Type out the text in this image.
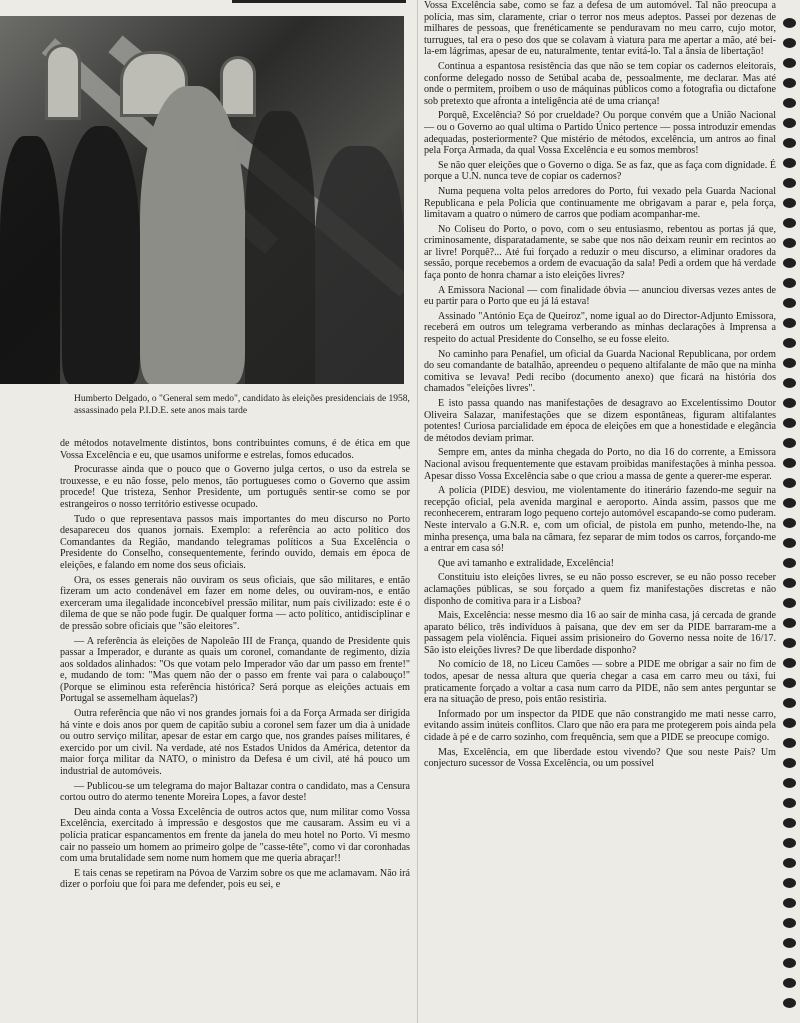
Humberto Delgado, o "General sem medo", candidato às eleições presidenciais de 1958, assassinado pela P.I.D.E. sete anos mais tarde

de métodos notavelmente distintos, bons contribuintes comuns, é de ética em que Vossa Excelência e eu, que usamos uniforme e estrelas, fomos educados.

Procurasse ainda que o pouco que o Governo julga certos, o uso da estrela se trouxesse, e eu não fosse, pelo menos, tão portugueses como o Governo que assim procede! Que tristeza, Senhor Presidente, um português sentir-se como se por estrangeiros o nosso território estivesse ocupado.

Tudo o que representava passos mais importantes do meu discurso no Porto desapareceu dos quanos jornais. Exemplo: a referência ao acto político dos Comandantes da Região, mandando telegramas políticos a Sua Excelência o Presidente do Conselho, consequentemente, ferindo ouvido, demais em época de eleições, e falando em nome dos seus oficiais.

Ora, os esses generais não ouviram os seus oficiais, que são militares, e então fizeram um acto condenável em fazer em nome deles, ou ouviram-nos, e então exerceram uma ilegalidade inconcebível pressão militar, num país civilizado: este é o dilema de que se não pode fugir. De qualquer forma — acto político, antidisciplinar e de pressão sobre oficiais que "são eleitores".

— A referência às eleições de Napoleão III de França, quando de Presidente quis passar a Imperador, e durante as quais um coronel, comandante de regimento, dizia aos soldados alinhados: "Os que votam pelo Imperador vão dar um passo em frente!" e, mudando de tom: "Mas quem não der o passo em frente vai para o calabouço!" (Porque se eliminou esta referência histórica? Será porque as eleições actuais em Portugal se assemelham àquelas?)

Outra referência que não vi nos grandes jornais foi a da Força Armada ser dirigida há vinte e dois anos por quem de capitão subiu a coronel sem fazer um dia à unidade ou outro serviço militar, apesar de estar em cargo que, nos grandes países militares, é exercido por um civil. Na verdade, até nos Estados Unidos da América, detentor da maior força militar da NATO, o ministro da Defesa é um civil, até há pouco um industrial de automóveis.

— Publicou-se um telegrama do major Baltazar contra o candidato, mas a Censura cortou outro do atermo tenente Moreira Lopes, a favor deste!

Deu ainda conta a Vossa Excelência de outros actos que, num militar como Vossa Excelência, exercitado à impressão e desgostos que me causaram. Assim eu vi a polícia praticar espancamentos em frente da janela do meu hotel no Porto. Vi mesmo cair no passeio um homem ao primeiro golpe de "casse-tête", como vi dar coronhadas com uma brutalidade sem nome num homem que me queria abraçar!!

E tais cenas se repetiram na Póvoa de Varzim sobre os que me aclamavam. Não irá dizer o porfoiu que foi para me defender, pois eu sei, e

Vossa Excelência sabe, como se faz a defesa de um automóvel. Tal não preocupa a polícia, mas sim, claramente, criar o terror nos meus adeptos. Passei por dezenas de milhares de pessoas, que frenéticamente se penduravam no meu carro, cujo motor, turrugues, tal era o peso dos que se colavam à viatura para me apertar a mão, até bei-la-em lágrimas, apesar de eu, naturalmente, tentar evitá-lo. Tal a ânsia de libertação!

Continua a espantosa resistência das que não se tem copiar os cadernos eleitorais, conforme delegado nosso de Setúbal acaba de, pessoalmente, me declarar. Mas até onde o permitem, proibem o uso de máquinas públicos como a fotografia ou dictafone sob pretexto que afronta a inteligência até de uma criança!

Porquê, Excelência? Só por crueldade? Ou porque convém que a União Nacional — ou o Governo ao qual ultima o Partido Único pertence — possa introduzir emendas adequadas, posteriormente? Que mistério de métodos, excelência, um antros ao final pela Força Armada, da qual Vossa Excelência e eu somos membros!

Se não quer eleições que o Governo o diga. Se as faz, que as faça com dignidade. É porque a U.N. nunca teve de copiar os cadernos?

Numa pequena volta pelos arredores do Porto, fui vexado pela Guarda Nacional Republicana e pela Polícia que continuamente me obrigavam a parar e, pela força, limitavam a quatro o número de carros que podiam acompanhar-me.

No Coliseu do Porto, o povo, com o seu entusiasmo, rebentou as portas já que, criminosamente, disparatadamente, se sabe que nos não deixam reunir em recintos ao ar livre! Porquê?... Até fui forçado a reduzir o meu discurso, a eliminar oradores da sessão, porque recebemos a ordem de evacuação da sala! Pedi a ordem que há verdade faça ponto de honra chamar a isto eleições livres?

A Emissora Nacional — com finalidade óbvia — anunciou diversas vezes antes de eu partir para o Porto que eu já lá estava!

Assinado "António Eça de Queiroz", nome igual ao do Director-Adjunto Emissora, receberá em outros um telegrama verberando as minhas declarações à Imprensa a respeito do actual Presidente do Conselho, se eu fosse eleito.

No caminho para Penafiel, um oficial da Guarda Nacional Republicana, por ordem do seu comandante de batalhão, apreendeu o pequeno altifalante de mão que na minha comitiva se levava! Pedi recibo (documento anexo) que ficará na história dos chamados "eleições livres".

E isto passa quando nas manifestações de desagravo ao Excelentíssimo Doutor Oliveira Salazar, manifestações que se dizem espontâneas, figuram altifalantes potentes! Curiosa parcialidade em época de eleições em que a honestidade e elegância de métodos deviam primar.

Sempre em, antes da minha chegada do Porto, no dia 16 do corrente, a Emissora Nacional avisou frequentemente que estavam proibidas manifestações à minha pessoa. Apesar disso Vossa Excelência sabe o que criou a massa de gente a querer-me esperar.

A polícia (PIDE) desviou, me violentamente do itinerário fazendo-me seguir na recepção oficial, pela avenida marginal e aeroporto. Ainda assim, passos que me reconhecerem, entraram logo pequeno cortejo automóvel escapando-se como puderam. Neste intervalo a G.N.R. e, com um oficial, de pistola em punho, metendo-lhe, na minha presença, uma bala na câmara, fez separar de mim todos os carros, forçando-me a entrar em casa só!

Que avi tamanho e extralidade, Excelência!

Constituiu isto eleições livres, se eu não posso escrever, se eu não posso receber aclamações públicas, se sou forçado a quem fiz manifestações discretas e não disponho de comitiva para ir a Lisboa?

Mais, Excelência: nesse mesmo dia 16 ao sair de minha casa, já cercada de grande aparato bélico, três indivíduos à paisana, que dev em ser da PIDE barraram-me a passagem pela violência. Fiquei assim prisioneiro do Governo nessa noite de 16/17. São isto eleições livres? De que liberdade disponho?

No comício de 18, no Liceu Camões — sobre a PIDE me obrigar a sair no fim de todos, apesar de nessa altura que queria chegar a casa em carro meu ou táxi, fui praticamente forçado a voltar a casa num carro da PIDE, não sem antes perguntar se era na situação de preso, pois então resistiria.

Informado por um inspector da PIDE que não constrangido me mati nesse carro, evitando assim inúteis conflitos. Claro que não era para me protegerem pois ainda pela cidade à pé e de carro sozinho, com frequência, sem que a PIDE se preocupe comigo.

Mas, Excelência, em que liberdade estou vivendo? Que sou neste País? Um conjecturo sucessor de Vossa Excelência, ou um possível
